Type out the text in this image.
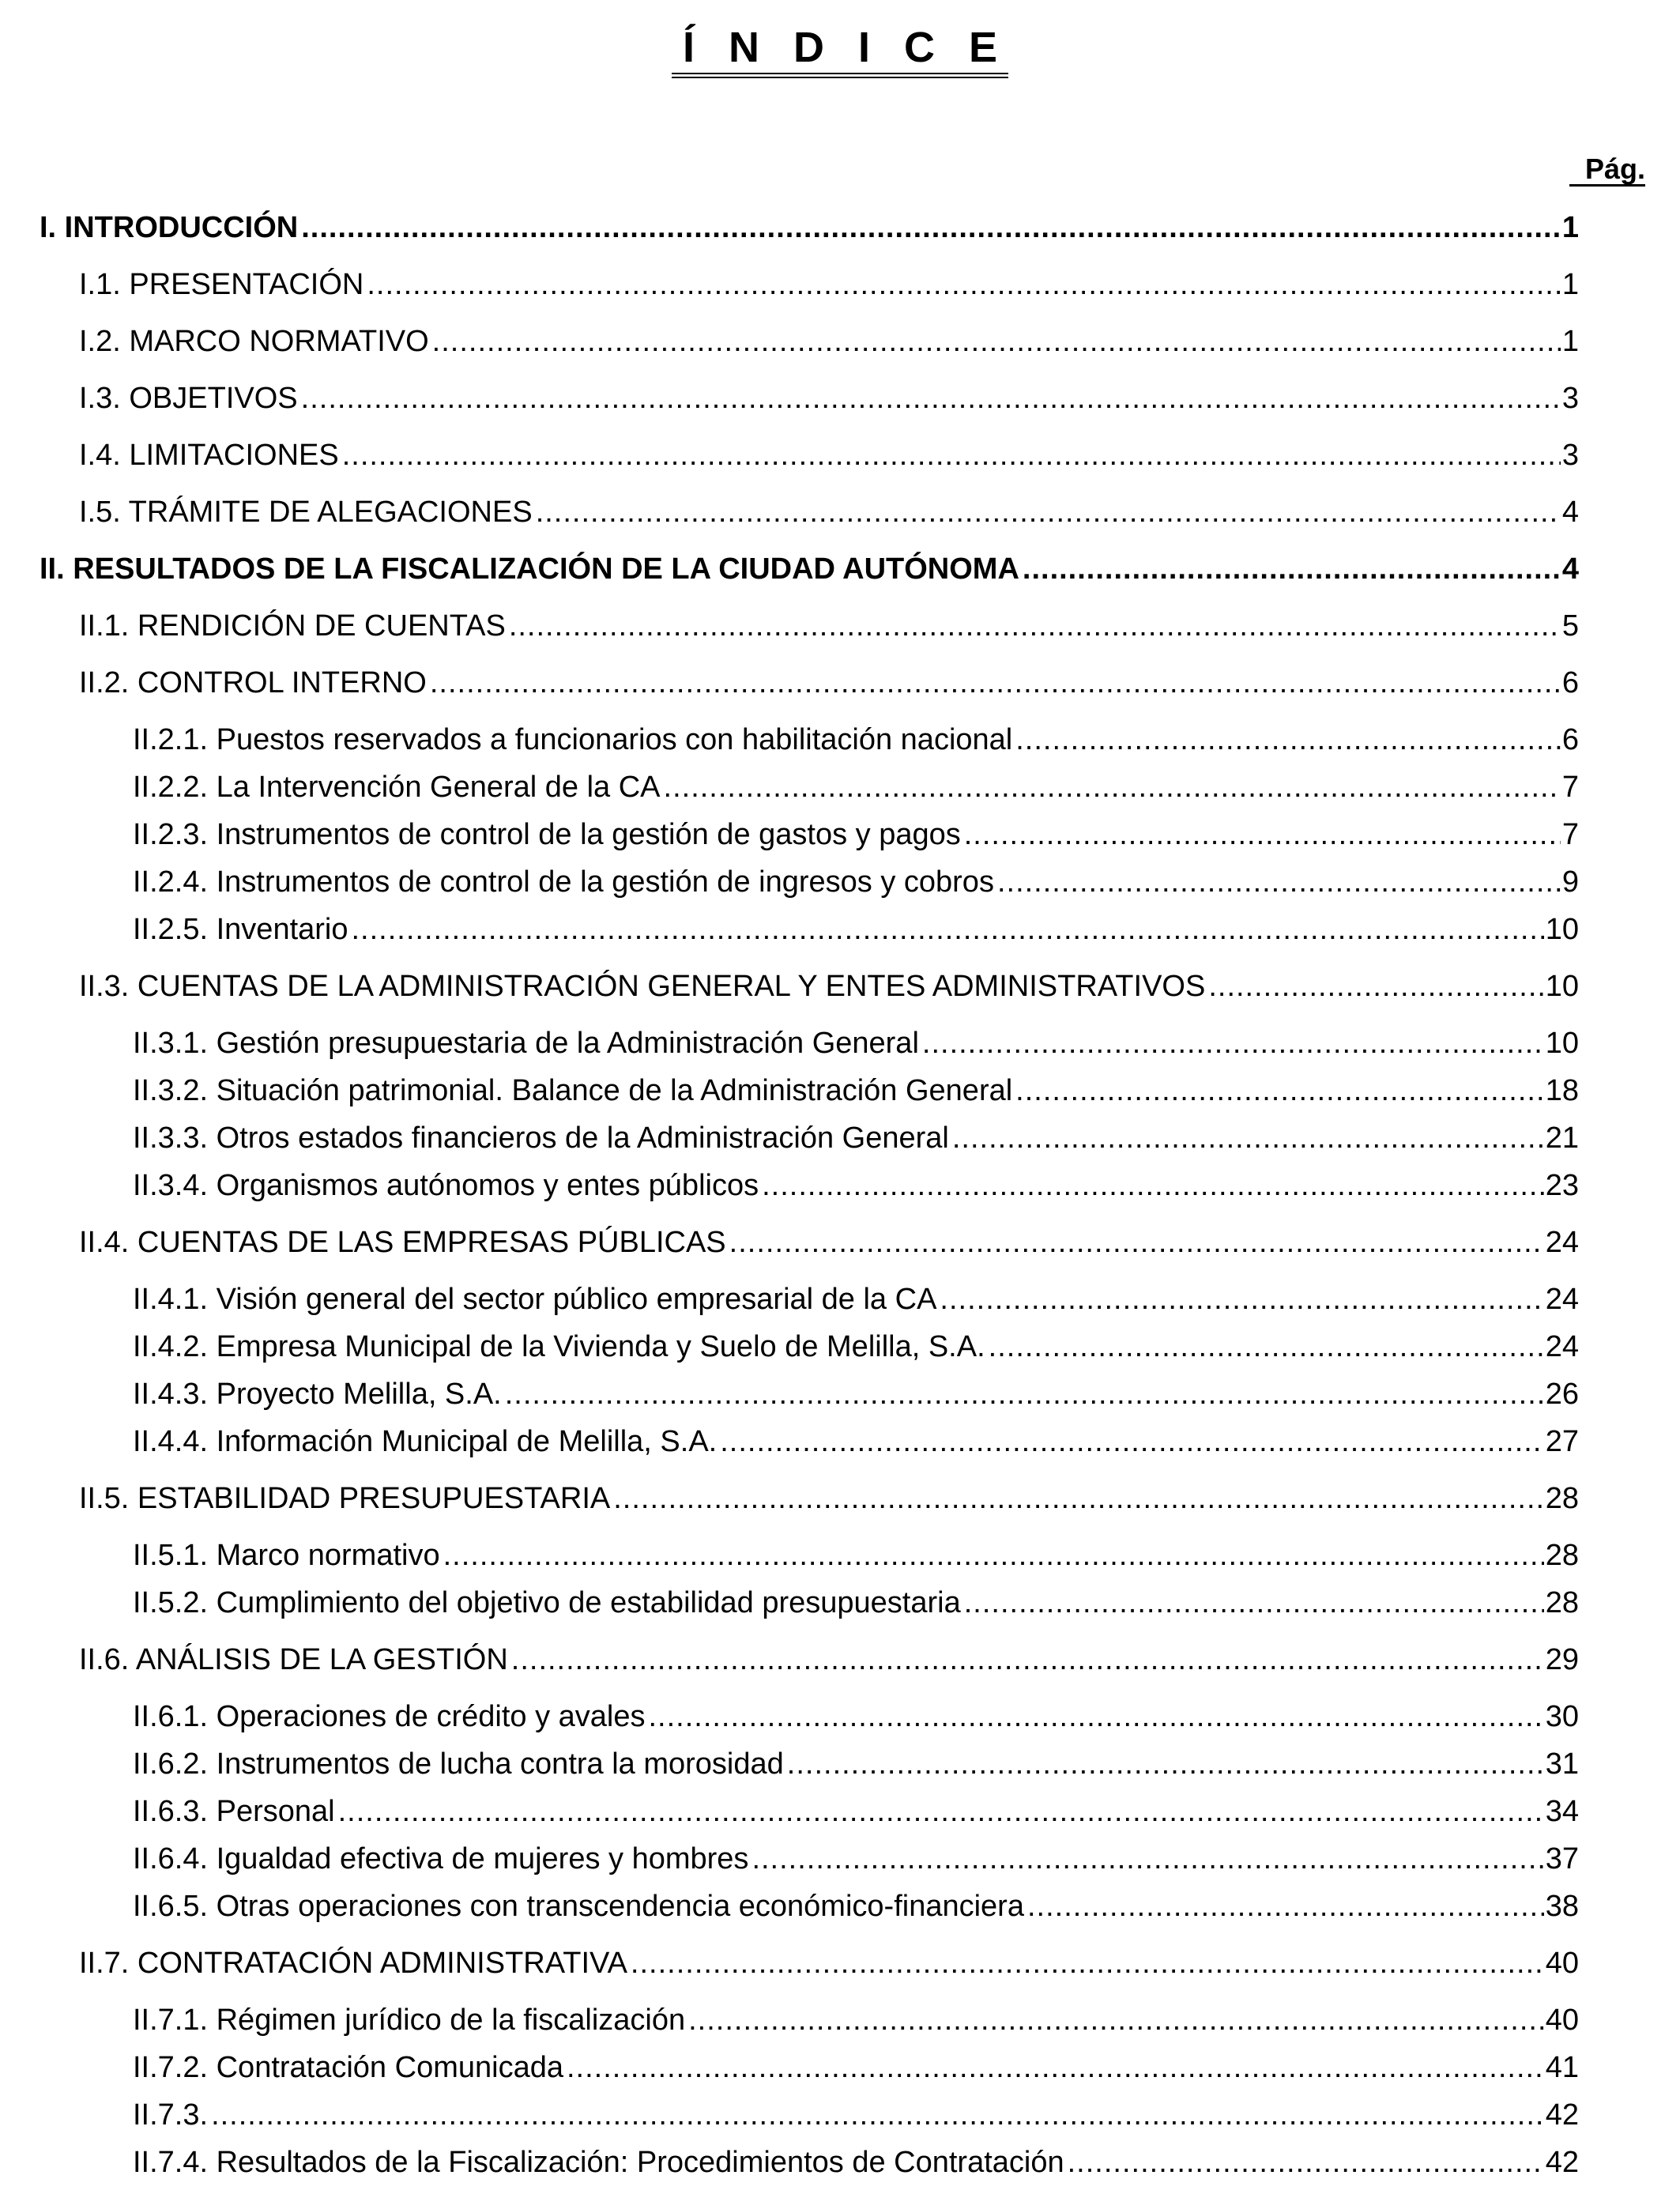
Í N D I C E
Pág.
I. INTRODUCCIÓN .....	1
I.1. PRESENTACIÓN .....	1
I.2. MARCO NORMATIVO .....	1
I.3. OBJETIVOS .....	3
I.4. LIMITACIONES .....	3
I.5. TRÁMITE DE ALEGACIONES .....	4
II. RESULTADOS DE LA FISCALIZACIÓN DE LA CIUDAD AUTÓNOMA .....	4
II.1. RENDICIÓN DE CUENTAS .....	5
II.2. CONTROL INTERNO .....	6
II.2.1. Puestos reservados a funcionarios con habilitación nacional .....	6
II.2.2. La Intervención General de la CA .....	7
II.2.3. Instrumentos de control de la gestión de gastos y pagos .....	7
II.2.4. Instrumentos de control de la gestión de ingresos y cobros .....	9
II.2.5. Inventario .....	10
II.3. CUENTAS DE LA ADMINISTRACIÓN GENERAL Y ENTES ADMINISTRATIVOS .....	10
II.3.1. Gestión presupuestaria de la Administración General .....	10
II.3.2. Situación patrimonial. Balance de la Administración General .....	18
II.3.3. Otros estados financieros de la Administración General .....	21
II.3.4. Organismos autónomos y entes públicos .....	23
II.4. CUENTAS DE LAS EMPRESAS PÚBLICAS .....	24
II.4.1. Visión general del sector público empresarial de la CA .....	24
II.4.2. Empresa Municipal de la Vivienda y Suelo de Melilla, S.A. .....	24
II.4.3. Proyecto Melilla, S.A. .....	26
II.4.4. Información Municipal de Melilla, S.A. .....	27
II.5. ESTABILIDAD PRESUPUESTARIA .....	28
II.5.1. Marco normativo .....	28
II.5.2. Cumplimiento del objetivo de estabilidad presupuestaria .....	28
II.6. ANÁLISIS DE LA GESTIÓN .....	29
II.6.1. Operaciones de crédito y avales .....	30
II.6.2. Instrumentos de lucha contra la morosidad .....	31
II.6.3. Personal .....	34
II.6.4. Igualdad efectiva de mujeres y hombres .....	37
II.6.5. Otras operaciones con transcendencia económico-financiera .....	38
II.7. CONTRATACIÓN ADMINISTRATIVA .....	40
II.7.1. Régimen jurídico de la fiscalización .....	40
II.7.2. Contratación Comunicada .....	41
II.7.3. .....	42
II.7.4. Resultados de la Fiscalización: Procedimientos de Contratación .....	42
